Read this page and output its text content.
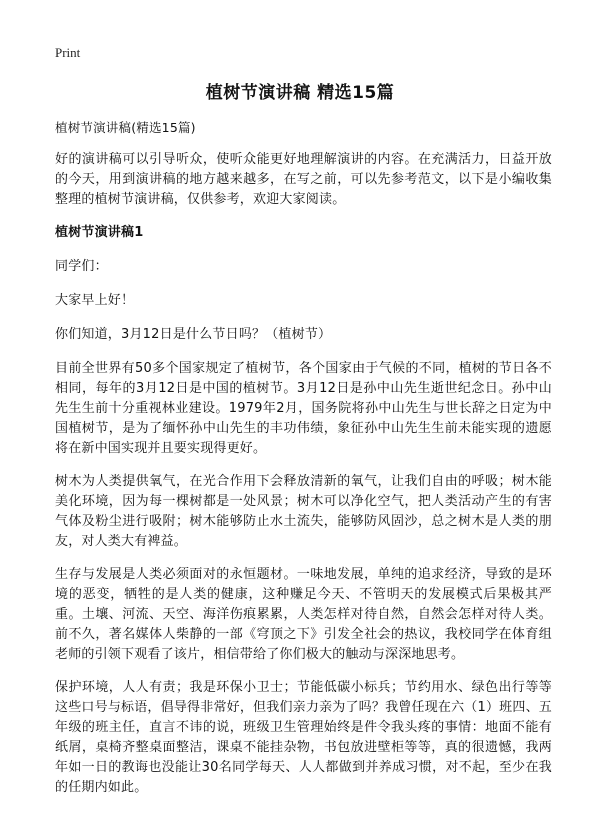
Print
植树节演讲稿 精选15篇

植树节演讲稿(精选15篇)

好的演讲稿可以引导听众，使听众能更好地理解演讲的内容。在充满活力，日益开放的今天，用到演讲稿的地方越来越多，在写之前，可以先参考范文，以下是小编收集整理的植树节演讲稿，仅供参考，欢迎大家阅读。

植树节演讲稿1

同学们：

大家早上好！

你们知道，3月12日是什么节日吗？（植树节）

目前全世界有50多个国家规定了植树节，各个国家由于气候的不同，植树的节日各不相同，每年的3月12日是中国的植树节。3月12日是孙中山先生逝世纪念日。孙中山先生生前十分重视林业建设。1979年2月，国务院将孙中山先生与世长辞之日定为中国植树节，是为了缅怀孙中山先生的丰功伟绩，象征孙中山先生生前未能实现的遗愿将在新中国实现并且要实现得更好。

树木为人类提供氧气，在光合作用下会释放清新的氧气，让我们自由的呼吸；树木能美化环境，因为每一棵树都是一处风景；树木可以净化空气，把人类活动产生的有害气体及粉尘进行吸附；树木能够防止水土流失，能够防风固沙，总之树木是人类的朋友，对人类大有裨益。

生存与发展是人类必须面对的永恒题材。一味地发展，单纯的追求经济，导致的是环境的恶变，牺牲的是人类的健康，这种赚足今天、不管明天的发展模式后果极其严重。土壤、河流、天空、海洋伤痕累累，人类怎样对待自然，自然会怎样对待人类。前不久，著名媒体人柴静的一部《穹顶之下》引发全社会的热议，我校同学在体育组老师的引领下观看了该片，相信带给了你们极大的触动与深深地思考。

保护环境，人人有责；我是环保小卫士；节能低碳小标兵；节约用水、绿色出行等等这些口号与标语，倡导得非常好，但我们亲力亲为了吗？我曾任现在六（1）班四、五年级的班主任，直言不讳的说，班级卫生管理始终是件令我头疼的事情：地面不能有纸屑，桌椅齐整桌面整洁，课桌不能挂杂物，书包放进壁柜等等，真的很遗憾，我两年如一日的教诲也没能让30名同学每天、人人都做到并养成习惯，对不起，至少在我的任期内如此。
